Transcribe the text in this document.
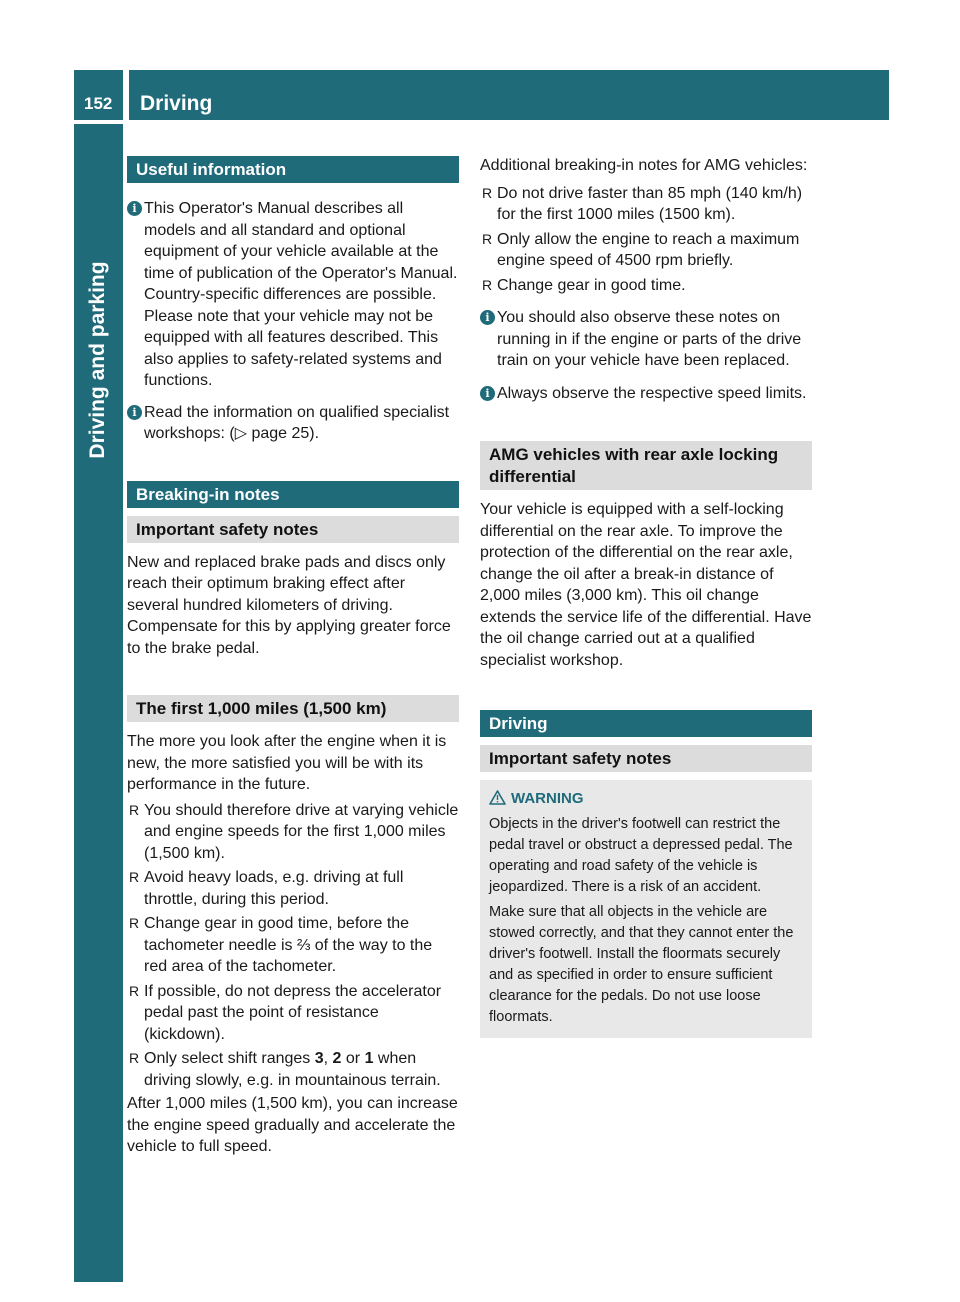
152 Driving
Driving and parking
Useful information
i This Operator's Manual describes all models and all standard and optional equipment of your vehicle available at the time of publication of the Operator's Manual. Country-specific differences are possible. Please note that your vehicle may not be equipped with all features described. This also applies to safety-related systems and functions.

i Read the information on qualified specialist workshops: (▷ page 25).

Breaking-in notes
Important safety notes

New and replaced brake pads and discs only reach their optimum braking effect after several hundred kilometers of driving. Compensate for this by applying greater force to the brake pedal.

The first 1,000 miles (1,500 km)

The more you look after the engine when it is new, the more satisfied you will be with its performance in the future.

R You should therefore drive at varying vehicle and engine speeds for the first 1,000 miles (1,500 km).

R Avoid heavy loads, e.g. driving at full throttle, during this period.

R Change gear in good time, before the tachometer needle is ⅔ of the way to the red area of the tachometer.

R If possible, do not depress the accelerator pedal past the point of resistance (kickdown).

R Only select shift ranges 3, 2 or 1 when driving slowly, e.g. in mountainous terrain.

After 1,000 miles (1,500 km), you can increase the engine speed gradually and accelerate the vehicle to full speed.

Additional breaking-in notes for AMG vehicles:

R Do not drive faster than 85 mph (140 km/h) for the first 1000 miles (1500 km).

R Only allow the engine to reach a maximum engine speed of 4500 rpm briefly.

R Change gear in good time.

i You should also observe these notes on running in if the engine or parts of the drive train on your vehicle have been replaced.

i Always observe the respective speed limits.

AMG vehicles with rear axle locking differential

Your vehicle is equipped with a self-locking differential on the rear axle. To improve the protection of the differential on the rear axle, change the oil after a break-in distance of 2,000 miles (3,000 km). This oil change extends the service life of the differential. Have the oil change carried out at a qualified specialist workshop.

Driving
Important safety notes
WARNING

Objects in the driver's footwell can restrict the pedal travel or obstruct a depressed pedal. The operating and road safety of the vehicle is jeopardized. There is a risk of an accident.

Make sure that all objects in the vehicle are stowed correctly, and that they cannot enter the driver's footwell. Install the floormats securely and as specified in order to ensure sufficient clearance for the pedals. Do not use loose floormats.
